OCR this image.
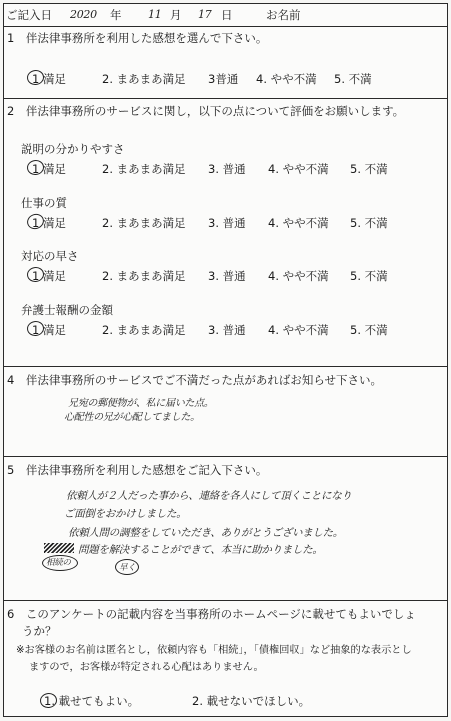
ご記入日 2020 年 11 月 17 日	お名前
1　伴法律事務所を利用した感想を選んで下さい。
1 満足	2. まあまあ満足 3普通 4. やや不満 5. 不満
2　伴法律事務所のサービスに関し，以下の点について評価をお願いします。
説明の分かりやすさ
1 満足	2. まあまあ満足 3. 普通 4. やや不満 5. 不満
仕事の質
1 満足	2. まあまあ満足 3. 普通 4. やや不満 5. 不満
対応の早さ
1 満足	2. まあまあ満足 3. 普通 4. やや不満 5. 不満
弁護士報酬の金額
1 満足	2. まあまあ満足 3. 普通 4. やや不満 5. 不満
4　伴法律事務所のサービスでご不満だった点があればお知らせ下さい。
兄宛の郵便物が、私に届いた点。
心配性の兄が心配してました。
5　伴法律事務所を利用した感想をご記入下さい。
依頼人が２人だった事から、連絡を各人にして頂くことになり
ご面倒をおかけしました。
依頼人間の調整をしていただき、ありがとうございました。
問題を解決することができて、本当に助かりました。
相続の	早く
6　このアンケートの記載内容を当事務所のホームページに載せてもよいでしょ
うか？
※お客様のお名前は匿名とし，依頼内容も「相続」，「債権回収」など抽象的な表示とし
ますので，お客様が特定される心配はありません。
1. 載せてもよい。	2. 載せないでほしい。
